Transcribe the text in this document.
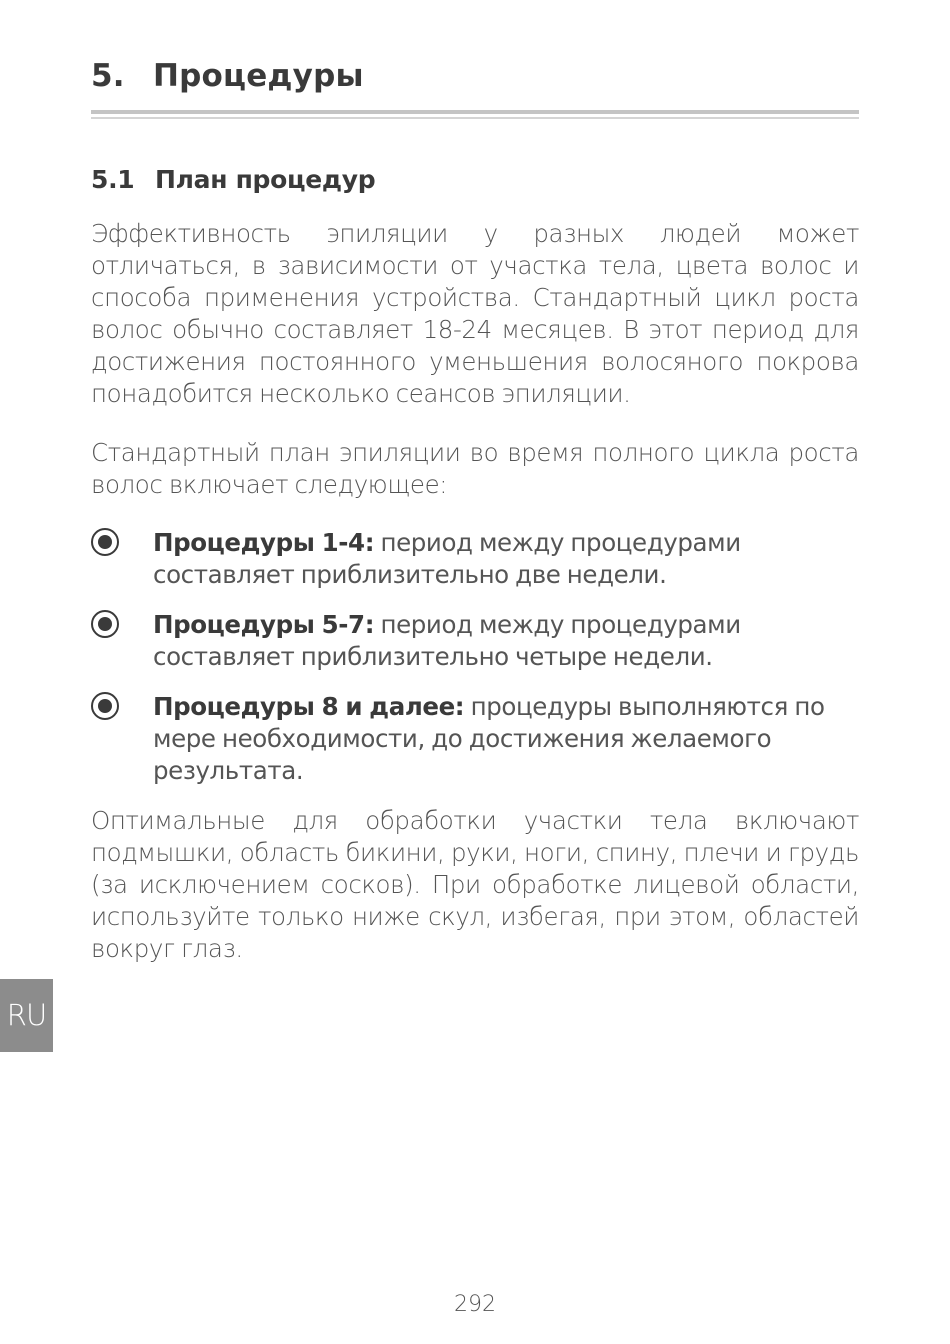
5. Процедуры
5.1 План процедур

Эффективность эпиляции у разных людей может отличаться, в зависимости от участка тела, цвета волос и способа применения устройства. Стандартный цикл роста волос обычно составляет 18-24 месяцев. В этот период для достижения постоянного уменьшения волосяного покрова понадобится несколько сеансов эпиляции.

Стандартный план эпиляции во время полного цикла роста волос включает следующее:

Процедуры 1-4: период между процедурами составляет приблизительно две недели.
Процедуры 5-7: период между процедурами составляет приблизительно четыре недели.
Процедуры 8 и далее: процедуры выполняются по мере необходимости, до достижения желаемого результата.

Оптимальные для обработки участки тела включают подмышки, область бикини, руки, ноги, спину, плечи и грудь (за исключением сосков). При обработке лицевой области, используйте только ниже скул, избегая, при этом, областей вокруг глаз.

RU
292
